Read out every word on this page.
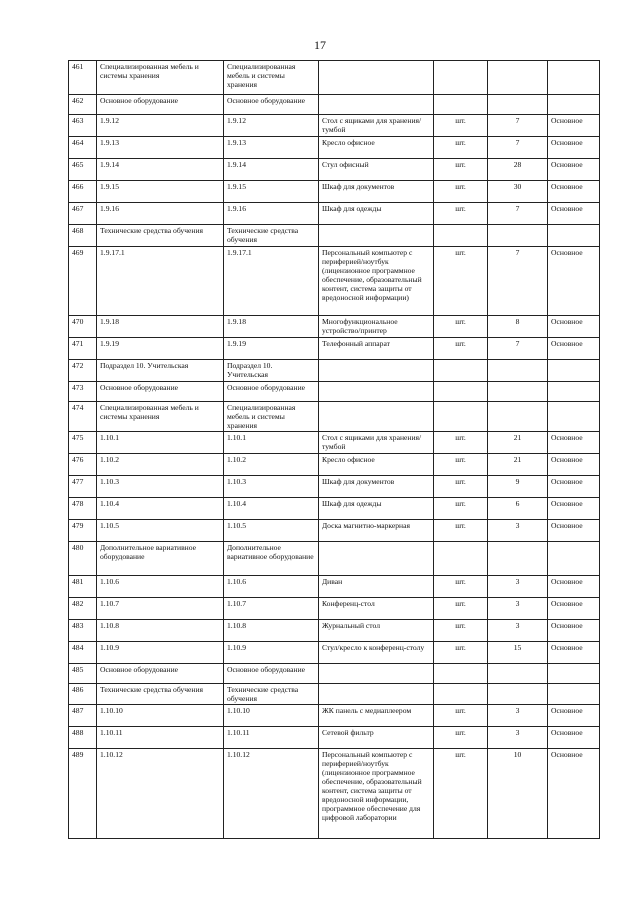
17
461	Специализированная мебель и системы хранения	Специализированная мебель и системы хранения				
462	Основное оборудование	Основное оборудование				
463	1.9.12	1.9.12	Стол с ящиками для хранения/тумбой	шт.	7	Основное
464	1.9.13	1.9.13	Кресло офисное	шт.	7	Основное
465	1.9.14	1.9.14	Стул офисный	шт.	28	Основное
466	1.9.15	1.9.15	Шкаф для документов	шт.	30	Основное
467	1.9.16	1.9.16	Шкаф для одежды	шт.	7	Основное
468	Технические средства обучения	Технические средства обучения				
469	1.9.17.1	1.9.17.1	Персональный компьютер с периферией/ноутбук (лицензионное программное обеспечение, образовательный контент, система защиты от вредоносной информации)	шт.	7	Основное
470	1.9.18	1.9.18	Многофункциональное устройство/принтер	шт.	8	Основное
471	1.9.19	1.9.19	Телефонный аппарат	шт.	7	Основное
472	Подраздел 10. Учительская	Подраздел 10. Учительская				
473	Основное оборудование	Основное оборудование				
474	Специализированная мебель и системы хранения	Специализированная мебель и системы хранения				
475	1.10.1	1.10.1	Стол с ящиками для хранения/тумбой	шт.	21	Основное
476	1.10.2	1.10.2	Кресло офисное	шт.	21	Основное
477	1.10.3	1.10.3	Шкаф для документов	шт.	9	Основное
478	1.10.4	1.10.4	Шкаф для одежды	шт.	6	Основное
479	1.10.5	1.10.5	Доска магнитно-маркерная	шт.	3	Основное
480	Дополнительное вариативное оборудование	Дополнительное вариативное оборудование				
481	1.10.6	1.10.6	Диван	шт.	3	Основное
482	1.10.7	1.10.7	Конференц-стол	шт.	3	Основное
483	1.10.8	1.10.8	Журнальный стол	шт.	3	Основное
484	1.10.9	1.10.9	Стул/кресло к конференц-столу	шт.	15	Основное
485	Основное оборудование	Основное оборудование				
486	Технические средства обучения	Технические средства обучения				
487	1.10.10	1.10.10	ЖК панель с медиаплеером	шт.	3	Основное
488	1.10.11	1.10.11	Сетевой фильтр	шт.	3	Основное
489	1.10.12	1.10.12	Персональный компьютер с периферией/ноутбук (лицензионное программное обеспечение, образовательный контент, система защиты от вредоносной информации, программное обеспечение для цифровой лаборатории	шт.	10	Основное
